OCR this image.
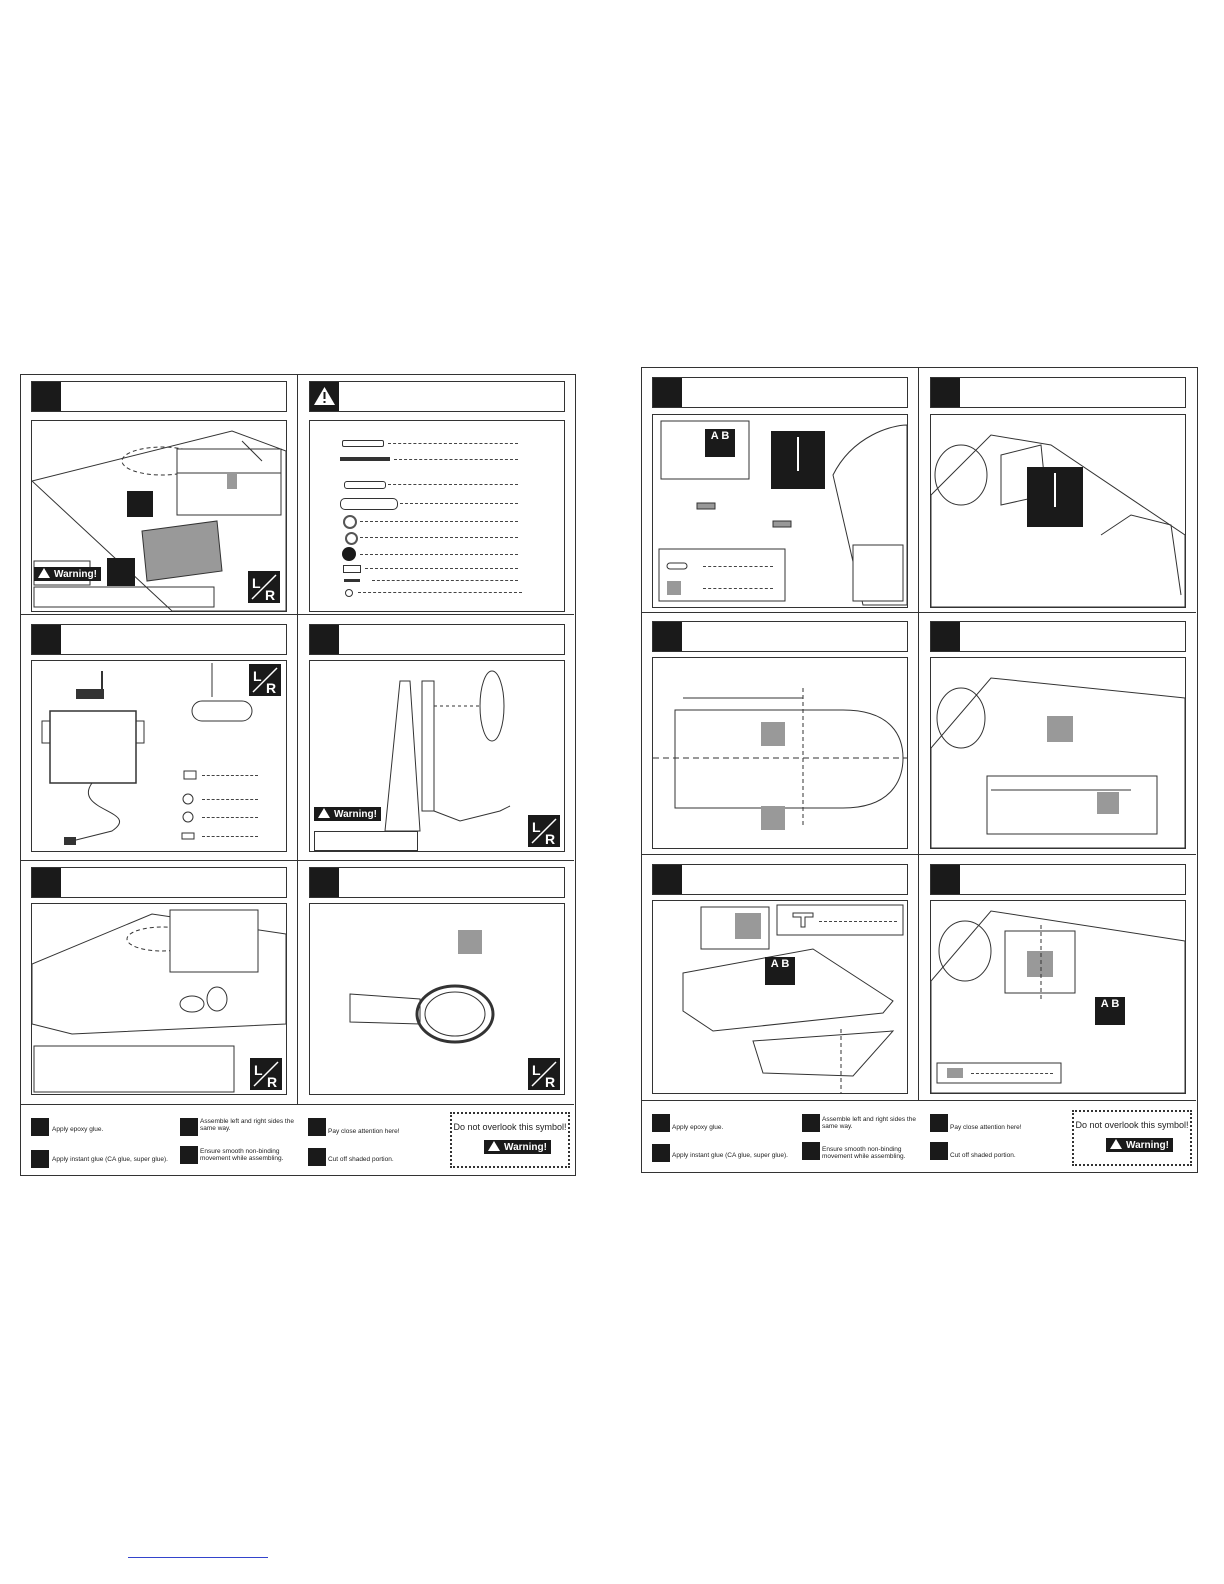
Warning!
L
R
L
R
Warning!
L
R
L
R
L
R
Apply epoxy glue.
Apply instant glue (CA glue, super glue).
Assemble left and right sides the same way.
Ensure smooth non-binding movement while assembling.
Pay close attention here!
Cut off shaded portion.
Do not overlook this symbol!
Warning!
A B
A B
A B
Apply epoxy glue.
Apply instant glue (CA glue, super glue).
Assemble left and right sides the same way.
Ensure smooth non-binding movement while assembling.
Pay close attention here!
Cut off shaded portion.
Do not overlook this symbol!
Warning!
